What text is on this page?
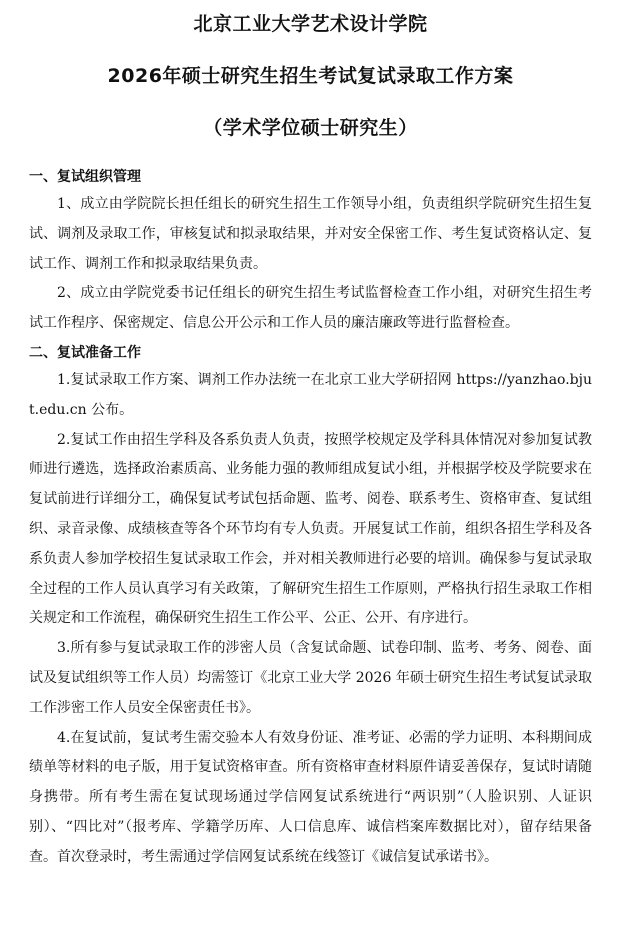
北京工业大学艺术设计学院

2026年硕士研究生招生考试复试录取工作方案

（学术学位硕士研究生）

一、复试组织管理

1、成立由学院院长担任组长的研究生招生工作领导小组，负责组织学院研究生招生复试、调剂及录取工作，审核复试和拟录取结果，并对安全保密工作、考生复试资格认定、复试工作、调剂工作和拟录取结果负责。

2、成立由学院党委书记任组长的研究生招生考试监督检查工作小组，对研究生招生考试工作程序、保密规定、信息公开公示和工作人员的廉洁廉政等进行监督检查。

二、复试准备工作

1.复试录取工作方案、调剂工作办法统一在北京工业大学研招网 https://yanzhao.bjut.edu.cn 公布。

2.复试工作由招生学科及各系负责人负责，按照学校规定及学科具体情况对参加复试教师进行遴选，选择政治素质高、业务能力强的教师组成复试小组，并根据学校及学院要求在复试前进行详细分工，确保复试考试包括命题、监考、阅卷、联系考生、资格审查、复试组织、录音录像、成绩核查等各个环节均有专人负责。开展复试工作前，组织各招生学科及各系负责人参加学校招生复试录取工作会，并对相关教师进行必要的培训。确保参与复试录取全过程的工作人员认真学习有关政策，了解研究生招生工作原则，严格执行招生录取工作相关规定和工作流程，确保研究生招生工作公平、公正、公开、有序进行。

3.所有参与复试录取工作的涉密人员（含复试命题、试卷印制、监考、考务、阅卷、面试及复试组织等工作人员）均需签订《北京工业大学 2026 年硕士研究生招生考试复试录取工作涉密工作人员安全保密责任书》。

4.在复试前，复试考生需交验本人有效身份证、准考证、必需的学力证明、本科期间成绩单等材料的电子版，用于复试资格审查。所有资格审查材料原件请妥善保存，复试时请随身携带。所有考生需在复试现场通过学信网复试系统进行“两识别”（人脸识别、人证识别）、“四比对”（报考库、学籍学历库、人口信息库、诚信档案库数据比对），留存结果备查。首次登录时，考生需通过学信网复试系统在线签订《诚信复试承诺书》。
